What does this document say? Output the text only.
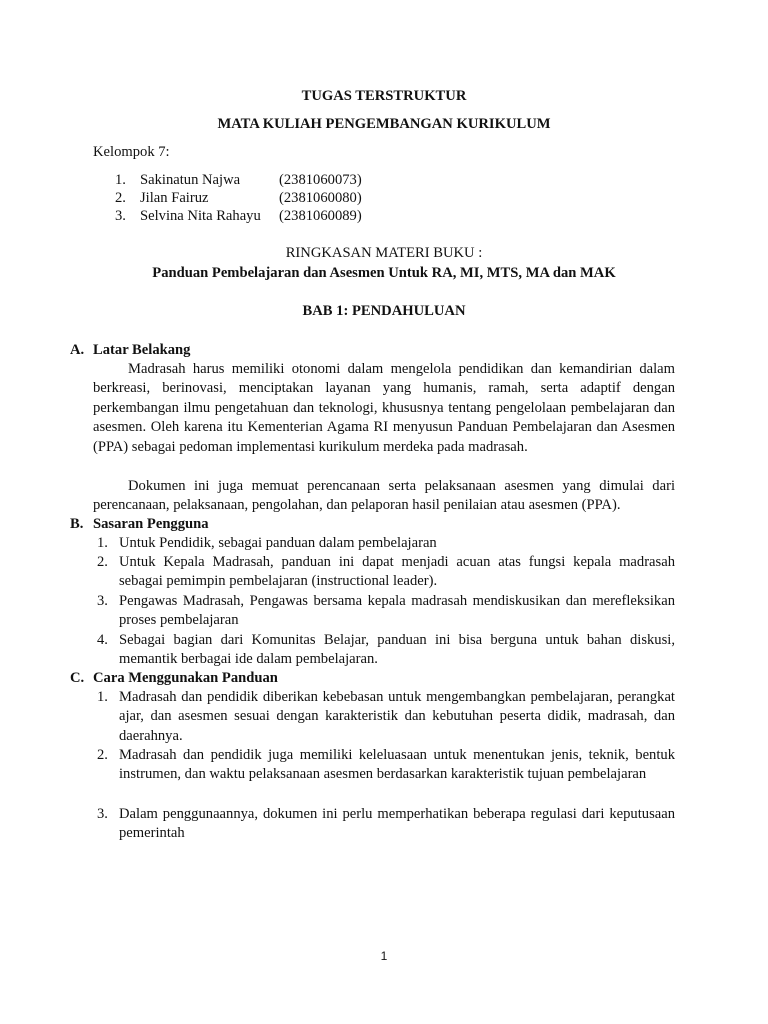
TUGAS TERSTRUKTUR
MATA KULIAH PENGEMBANGAN KURIKULUM
Kelompok 7:
1. Sakinatun Najwa	(2381060073)
2. Jilan Fairuz	(2381060080)
3. Selvina Nita Rahayu (2381060089)
RINGKASAN MATERI BUKU :
Panduan Pembelajaran dan Asesmen Untuk RA, MI, MTS, MA dan MAK
BAB 1: PENDAHULUAN
A. Latar Belakang
Madrasah harus memiliki otonomi dalam mengelola pendidikan dan kemandirian dalam berkreasi, berinovasi, menciptakan layanan yang humanis, ramah, serta adaptif dengan perkembangan ilmu pengetahuan dan teknologi, khususnya tentang pengelolaan pembelajaran dan asesmen. Oleh karena itu Kementerian Agama RI menyusun Panduan Pembelajaran dan Asesmen (PPA) sebagai pedoman implementasi kurikulum merdeka pada madrasah.
Dokumen ini juga memuat perencanaan serta pelaksanaan asesmen yang dimulai dari perencanaan, pelaksanaan, pengolahan, dan pelaporan hasil penilaian atau asesmen (PPA).
B. Sasaran Pengguna
1. Untuk Pendidik, sebagai panduan dalam pembelajaran
2. Untuk Kepala Madrasah, panduan ini dapat menjadi acuan atas fungsi kepala madrasah sebagai pemimpin pembelajaran (instructional leader).
3. Pengawas Madrasah, Pengawas bersama kepala madrasah mendiskusikan dan merefleksikan proses pembelajaran
4. Sebagai bagian dari Komunitas Belajar, panduan ini bisa berguna untuk bahan diskusi, memantik berbagai ide dalam pembelajaran.
C. Cara Menggunakan Panduan
1. Madrasah dan pendidik diberikan kebebasan untuk mengembangkan pembelajaran, perangkat ajar, dan asesmen sesuai dengan karakteristik dan kebutuhan peserta didik, madrasah, dan daerahnya.
2. Madrasah dan pendidik juga memiliki keleluasaan untuk menentukan jenis, teknik, bentuk instrumen, dan waktu pelaksanaan asesmen berdasarkan karakteristik tujuan pembelajaran
3. Dalam penggunaannya, dokumen ini perlu memperhatikan beberapa regulasi dari keputusaan pemerintah
1
